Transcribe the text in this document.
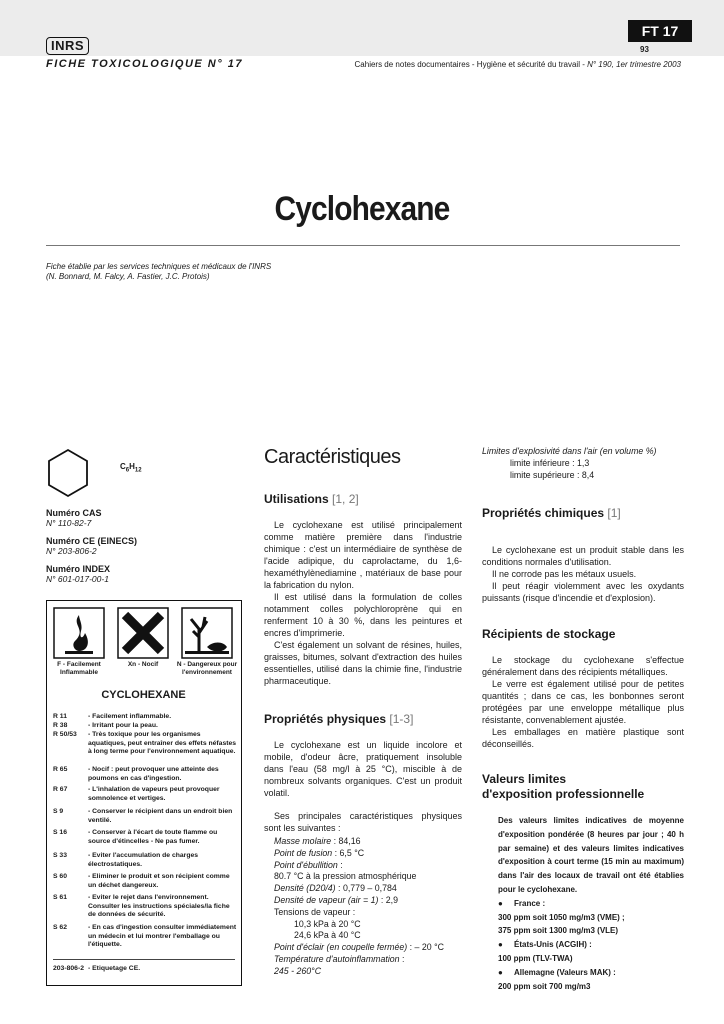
INRS
FT 17
93
FICHE TOXICOLOGIQUE N° 17	Cahiers de notes documentaires - Hygiène et sécurité du travail - N° 190, 1er trimestre 2003
Cyclohexane
Fiche établie par les services techniques et médicaux de l'INRS
(N. Bonnard, M. Falcy, A. Fastier, J.C. Protois)
$C_6H_{12}$
Numéro CAS
N° 110-82-7
Numéro CE (EINECS)
N° 203-806-2
Numéro INDEX
N° 601-017-00-1
F - Facilement Inflammable
Xn - Nocif	N - Dangereux pour l'environnement
CYCLOHEXANE
R 11	- Facilement inflammable.
R 38	- Irritant pour la peau.
R 50/53	- Très toxique pour les organismes aquatiques, peut entraîner des effets néfastes à long terme pour l'environnement aquatique.
R 65	- Nocif : peut provoquer une atteinte des poumons en cas d'ingestion.
R 67	- L'inhalation de vapeurs peut provoquer somnolence et vertiges.
S 9	- Conserver le récipient dans un endroit bien ventilé.
S 16	- Conserver à l'écart de toute flamme ou source d'étincelles - Ne pas fumer.
S 33	- Eviter l'accumulation de charges électrostatiques.
S 60	- Eliminer le produit et son récipient comme un déchet dangereux.
S 61	- Eviter le rejet dans l'environnement. Consulter les instructions spéciales/la fiche de données de sécurité.
S 62	- En cas d'ingestion consulter immédiatement un médecin et lui montrer l'emballage ou l'étiquette.
203-806-2 - Etiquetage CE.
Caractéristiques
Utilisations [1, 2]

Le cyclohexane est utilisé principalement comme matière première dans l'industrie chimique : c'est un intermédiaire de synthèse de l'acide adipique, du caprolactame, du 1,6-hexaméthylènediamine , matériaux de base pour la fabrication du nylon.

Il est utilisé dans la formulation de colles notamment colles polychloroprène qui en renferment 10 à 30 %, dans les peintures et encres d'imprimerie.

C'est également un solvant de résines, huiles, graisses, bitumes, solvant d'extraction des huiles essentielles, utilisé dans la chimie fine, l'industrie pharmaceutique.

Propriétés physiques [1-3]

Le cyclohexane est un liquide incolore et mobile, d'odeur âcre, pratiquement insoluble dans l'eau (58 mg/l à 25 °C), miscible à de nombreux solvants organiques. C'est un produit volatil.

Ses principales caractéristiques physiques sont les suivantes :

Masse molaire : 84,16
Point de fusion : 6,5 °C
Point d'ébullition :
80.7 °C à la pression atmosphérique
Densité (D20/4) : 0,779 – 0,784
Densité de vapeur (air = 1) : 2,9
Tensions de vapeur :
10,3 kPa à 20 °C
24,6 kPa à 40 °C
Point d'éclair (en coupelle fermée) : – 20 °C
Température d'autoinflammation :
245 - 260°C
Limites d'explosivité dans l'air (en volume %)
limite inférieure : 1,3
limite supérieure : 8,4
Propriétés chimiques [1]

Le cyclohexane est un produit stable dans les conditions normales d'utilisation.

Il ne corrode pas les métaux usuels.

Il peut réagir violemment avec les oxydants puissants (risque d'incendie et d'explosion).

Récipients de stockage

Le stockage du cyclohexane s'effectue généralement dans des récipients métalliques.

Le verre est également utilisé pour de petites quantités ; dans ce cas, les bonbonnes seront protégées par une enveloppe métallique plus résistante, convenablement ajustée.

Les emballages en matière plastique sont déconseillés.

Valeurs limites
d'exposition professionnelle
Des valeurs limites indicatives de moyenne d'exposition pondérée (8 heures par jour ; 40 h par semaine) et des valeurs limites indicatives d'exposition à court terme (15 min au maximum) dans l'air des locaux de travail ont été établies pour le cyclohexane.
● France :
300 ppm soit 1050 mg/m3 (VME) ;
375 ppm soit 1300 mg/m3 (VLE)
● États-Unis (ACGIH) :
100 ppm (TLV-TWA)
● Allemagne (Valeurs MAK) :
200 ppm soit 700 mg/m3
